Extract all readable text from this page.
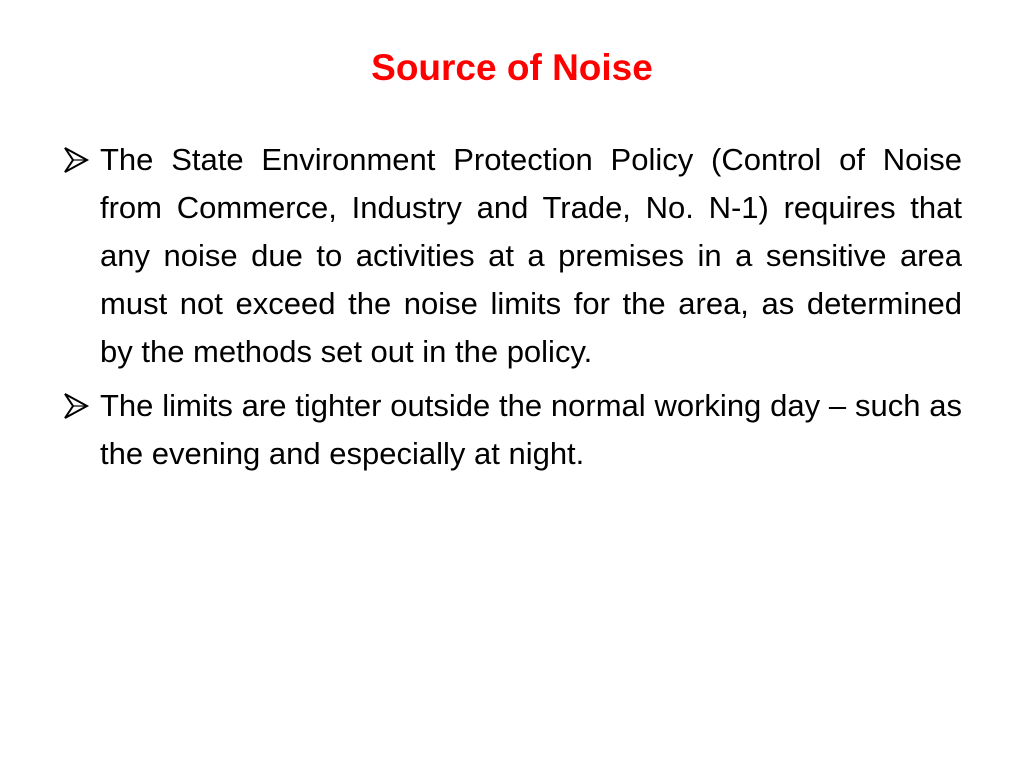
Source of Noise
The State Environment Protection Policy (Control of Noise from Commerce, Industry and Trade, No. N-1) requires that any noise due to activities at a premises in a sensitive area must not exceed the noise limits for the area, as determined by the methods set out in the policy.
The limits are tighter outside the normal working day – such as the evening and especially at night.
